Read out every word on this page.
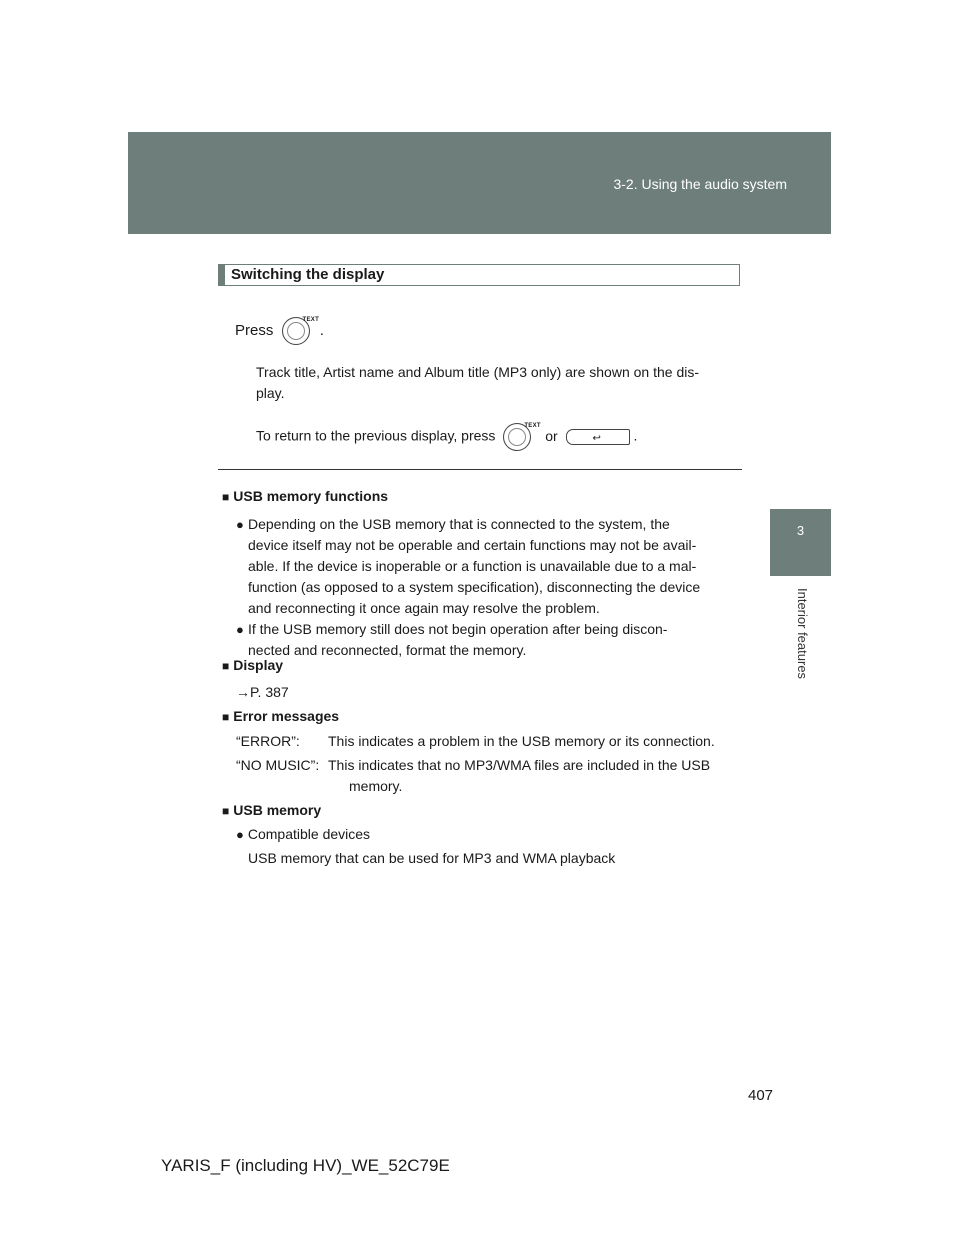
3-2. Using the audio system
3
Interior features
Switching the display
Press
TEXT
.
Track title, Artist name and Album title (MP3 only) are shown on the dis-
play.
To return to the previous display, press
TEXT
or	↩ .
■ USB memory functions
● Depending on the USB memory that is connected to the system, the
device itself may not be operable and certain functions may not be avail-
able. If the device is inoperable or a function is unavailable due to a mal-
function (as opposed to a system specification), disconnecting the device
and reconnecting it once again may resolve the problem.
● If the USB memory still does not begin operation after being discon-
nected and reconnected, format the memory.
■ Display
→P. 387
■ Error messages
“ERROR”: This indicates a problem in the USB memory or its connection.
“NO MUSIC”: This indicates that no MP3/WMA files are included in the USB
memory.
■ USB memory
● Compatible devices
USB memory that can be used for MP3 and WMA playback
407
YARIS_F (including HV)_WE_52C79E
